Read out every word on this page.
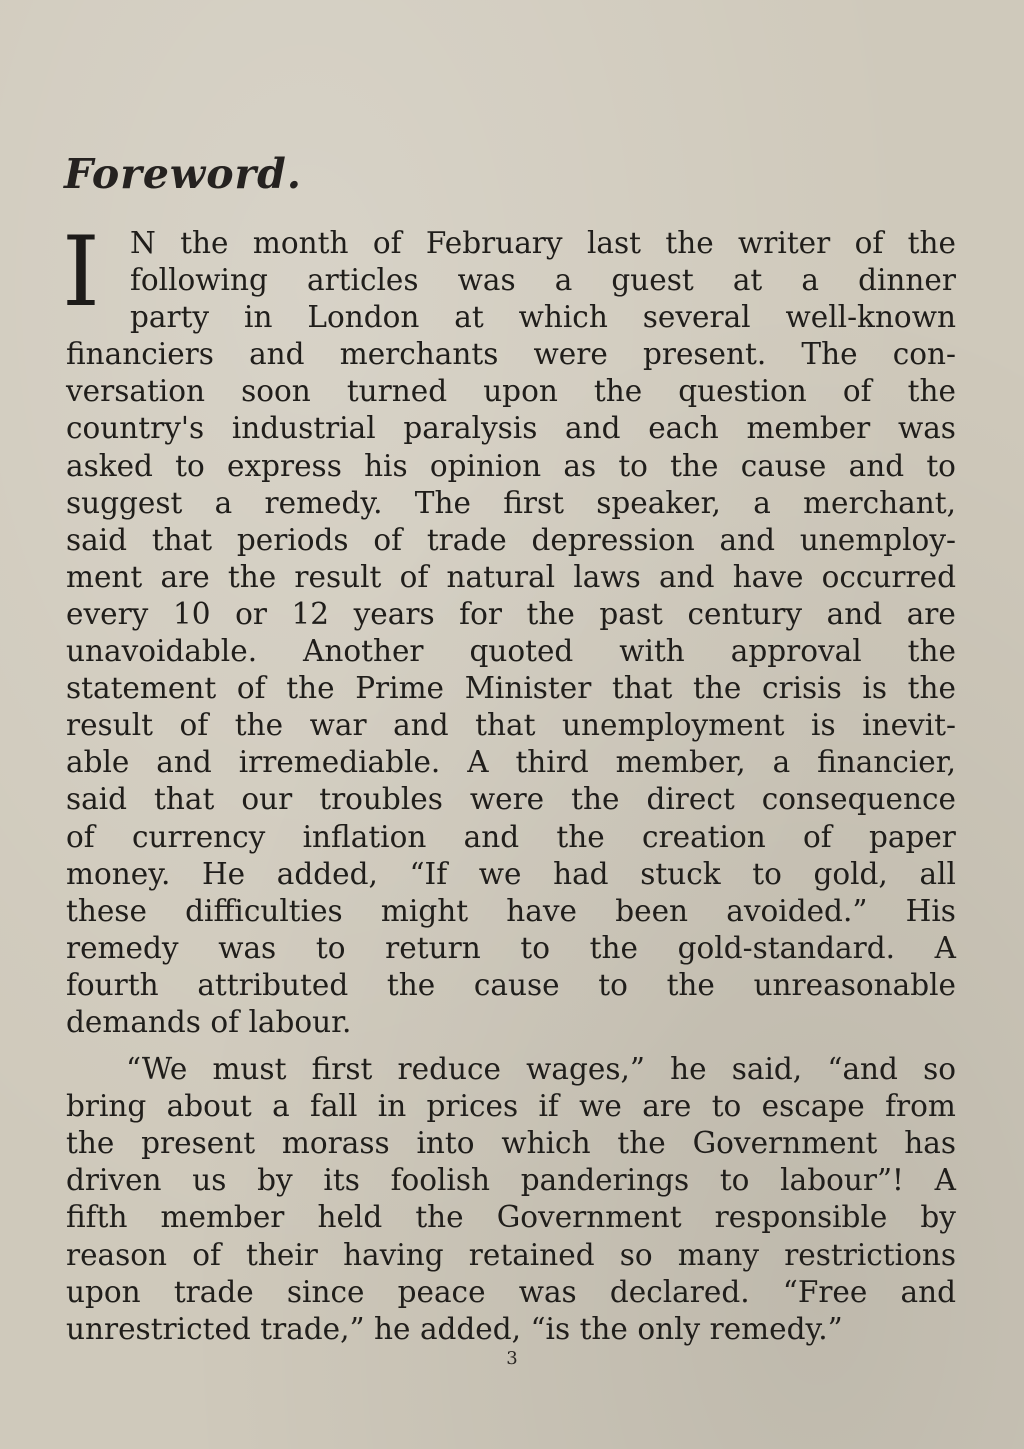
Foreword.
I N the month of February last the writer of the
following articles was a guest at a dinner
party in London at which several well-known
financiers and merchants were present. The con-
versation soon turned upon the question of the
country's industrial paralysis and each member was
asked to express his opinion as to the cause and to
suggest a remedy. The first speaker, a merchant,
said that periods of trade depression and unemploy-
ment are the result of natural laws and have occurred
every 10 or 12 years for the past century and are
unavoidable. Another quoted with approval the
statement of the Prime Minister that the crisis is the
result of the war and that unemployment is inevit-
able and irremediable. A third member, a financier,
said that our troubles were the direct consequence
of currency inflation and the creation of paper
money. He added, “If we had stuck to gold, all
these difficulties might have been avoided.” His
remedy was to return to the gold-standard. A
fourth attributed the cause to the unreasonable
demands of labour.
“We must first reduce wages,” he said, “and so
bring about a fall in prices if we are to escape from
the present morass into which the Government has
driven us by its foolish panderings to labour”! A
fifth member held the Government responsible by
reason of their having retained so many restrictions
upon trade since peace was declared. “Free and
unrestricted trade,” he added, “is the only remedy.”
3
